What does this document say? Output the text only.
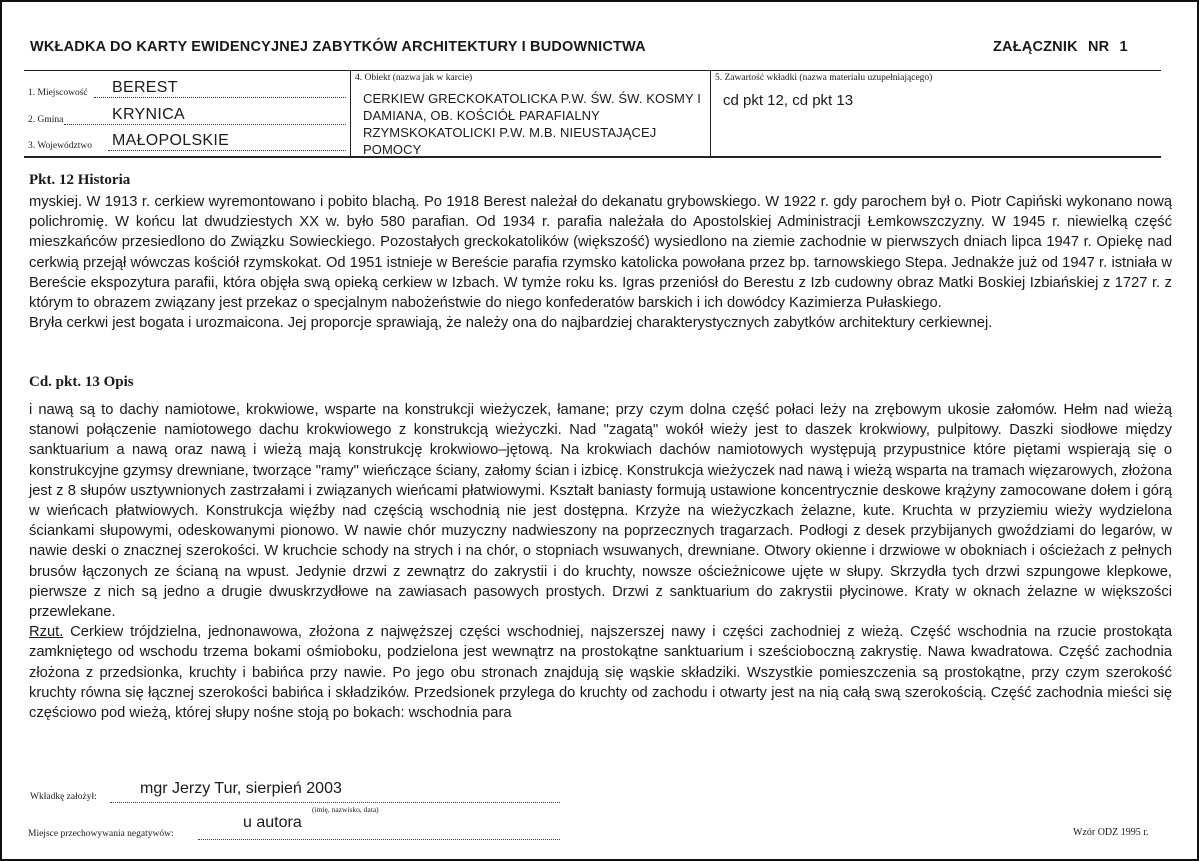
WKŁADKA DO KARTY EWIDENCYJNEJ ZABYTKÓW ARCHITEKTURY I BUDOWNICTWA	ZAŁĄCZNIK NR 1
1. Miejscowość BEREST
2. Gmina	KRYNICA
3. Województwo MAŁOPOLSKIE
4. Obiekt (nazwa jak w karcie)
CERKIEW GRECKOKATOLICKA P.W. ŚW. ŚW. KOSMY I DAMIANA, OB. KOŚCIÓŁ PARAFIALNY RZYMSKOKATOLICKI P.W. M.B. NIEUSTAJĄCEJ POMOCY
5. Zawartość wkładki (nazwa materiału uzupełniającego)
cd pkt 12, cd pkt 13
Pkt. 12 Historia

myskiej. W 1913 r. cerkiew wyremontowano i pobito blachą. Po 1918 Berest należał do dekanatu grybowskiego. W 1922 r. gdy parochem był o. Piotr Capiński wykonano nową polichromię. W końcu lat dwudziestych XX w. było 580 parafian. Od 1934 r. parafia należała do Apostolskiej Administracji Łemkowszczyzny. W 1945 r. niewielką część mieszkańców przesiedlono do Związku Sowieckiego. Pozostałych greckokatolików (większość) wysiedlono na ziemie zachodnie w pierwszych dniach lipca 1947 r. Opiekę nad cerkwią przejął wówczas kościół rzymskokat. Od 1951 istnieje w Bereście parafia rzymsko katolicka powołana przez bp. tarnowskiego Stepa. Jednakże już od 1947 r. istniała w Bereście ekspozytura parafii, która objęła swą opieką cerkiew w Izbach. W tymże roku ks. Igras przeniósł do Berestu z Izb cudowny obraz Matki Boskiej Izbiańskiej z 1727 r. z którym to obrazem związany jest przekaz o specjalnym nabożeństwie do niego konfederatów barskich i ich dowódcy Kazimierza Pułaskiego.

Bryła cerkwi jest bogata i urozmaicona. Jej proporcje sprawiają, że należy ona do najbardziej charakterystycznych zabytków architektury cerkiewnej.

Cd. pkt. 13 Opis

i nawą są to dachy namiotowe, krokwiowe, wsparte na konstrukcji wieżyczek, łamane; przy czym dolna część połaci leży na zrębowym ukosie załomów. Hełm nad wieżą stanowi połączenie namiotowego dachu krokwiowego z konstrukcją wieżyczki. Nad "zagatą" wokół wieży jest to daszek krokwiowy, pulpitowy. Daszki siodłowe między sanktuarium a nawą oraz nawą i wieżą mają konstrukcję krokwiowo–jętową. Na krokwiach dachów namiotowych występują przypustnice które piętami wspierają się o konstrukcyjne gzymsy drewniane, tworzące "ramy" wieńczące ściany, załomy ścian i izbicę. Konstrukcja wieżyczek nad nawą i wieżą wsparta na tramach więzarowych, złożona jest z 8 słupów usztywnionych zastrzałami i związanych wieńcami płatwiowymi. Kształt baniasty formują ustawione koncentrycznie deskowe krążyny zamocowane dołem i górą w wieńcach płatwiowych. Konstrukcja więźby nad częścią wschodnią nie jest dostępna. Krzyże na wieżyczkach żelazne, kute. Kruchta w przyziemiu wieży wydzielona ściankami słupowymi, odeskowanymi pionowo. W nawie chór muzyczny nadwieszony na poprzecznych tragarzach. Podłogi z desek przybijanych gwoździami do legarów, w nawie deski o znacznej szerokości. W kruchcie schody na strych i na chór, o stopniach wsuwanych, drewniane. Otwory okienne i drzwiowe w obokniach i ościeżach z pełnych brusów łączonych ze ścianą na wpust. Jedynie drzwi z zewnątrz do zakrystii i do kruchty, nowsze ościeżnicowe ujęte w słupy. Skrzydła tych drzwi szpungowe klepkowe, pierwsze z nich są jedno a drugie dwuskrzydłowe na zawiasach pasowych prostych. Drzwi z sanktuarium do zakrystii płycinowe. Kraty w oknach żelazne w większości przewlekane.

Rzut. Cerkiew trójdzielna, jednonawowa, złożona z najwęższej części wschodniej, najszerszej nawy i części zachodniej z wieżą. Część wschodnia na rzucie prostokąta zamkniętego od wschodu trzema bokami ośmioboku, podzielona jest wewnątrz na prostokątne sanktuarium i sześcioboczną zakrystię. Nawa kwadratowa. Część zachodnia złożona z przedsionka, kruchty i babińca przy nawie. Po jego obu stronach znajdują się wąskie składziki. Wszystkie pomieszczenia są prostokątne, przy czym szerokość kruchty równa się łącznej szerokości babińca i składzików. Przedsionek przylega do kruchty od zachodu i otwarty jest na nią całą swą szerokością. Część zachodnia mieści się częściowo pod wieżą, której słupy nośne stoją po bokach: wschodnia para

Wkładkę założył:	mgr Jerzy Tur, sierpień 2003
(imię, nazwisko, data)
Miejsce przechowywania negatywów:
u autora
Wzór ODZ 1995 r.
